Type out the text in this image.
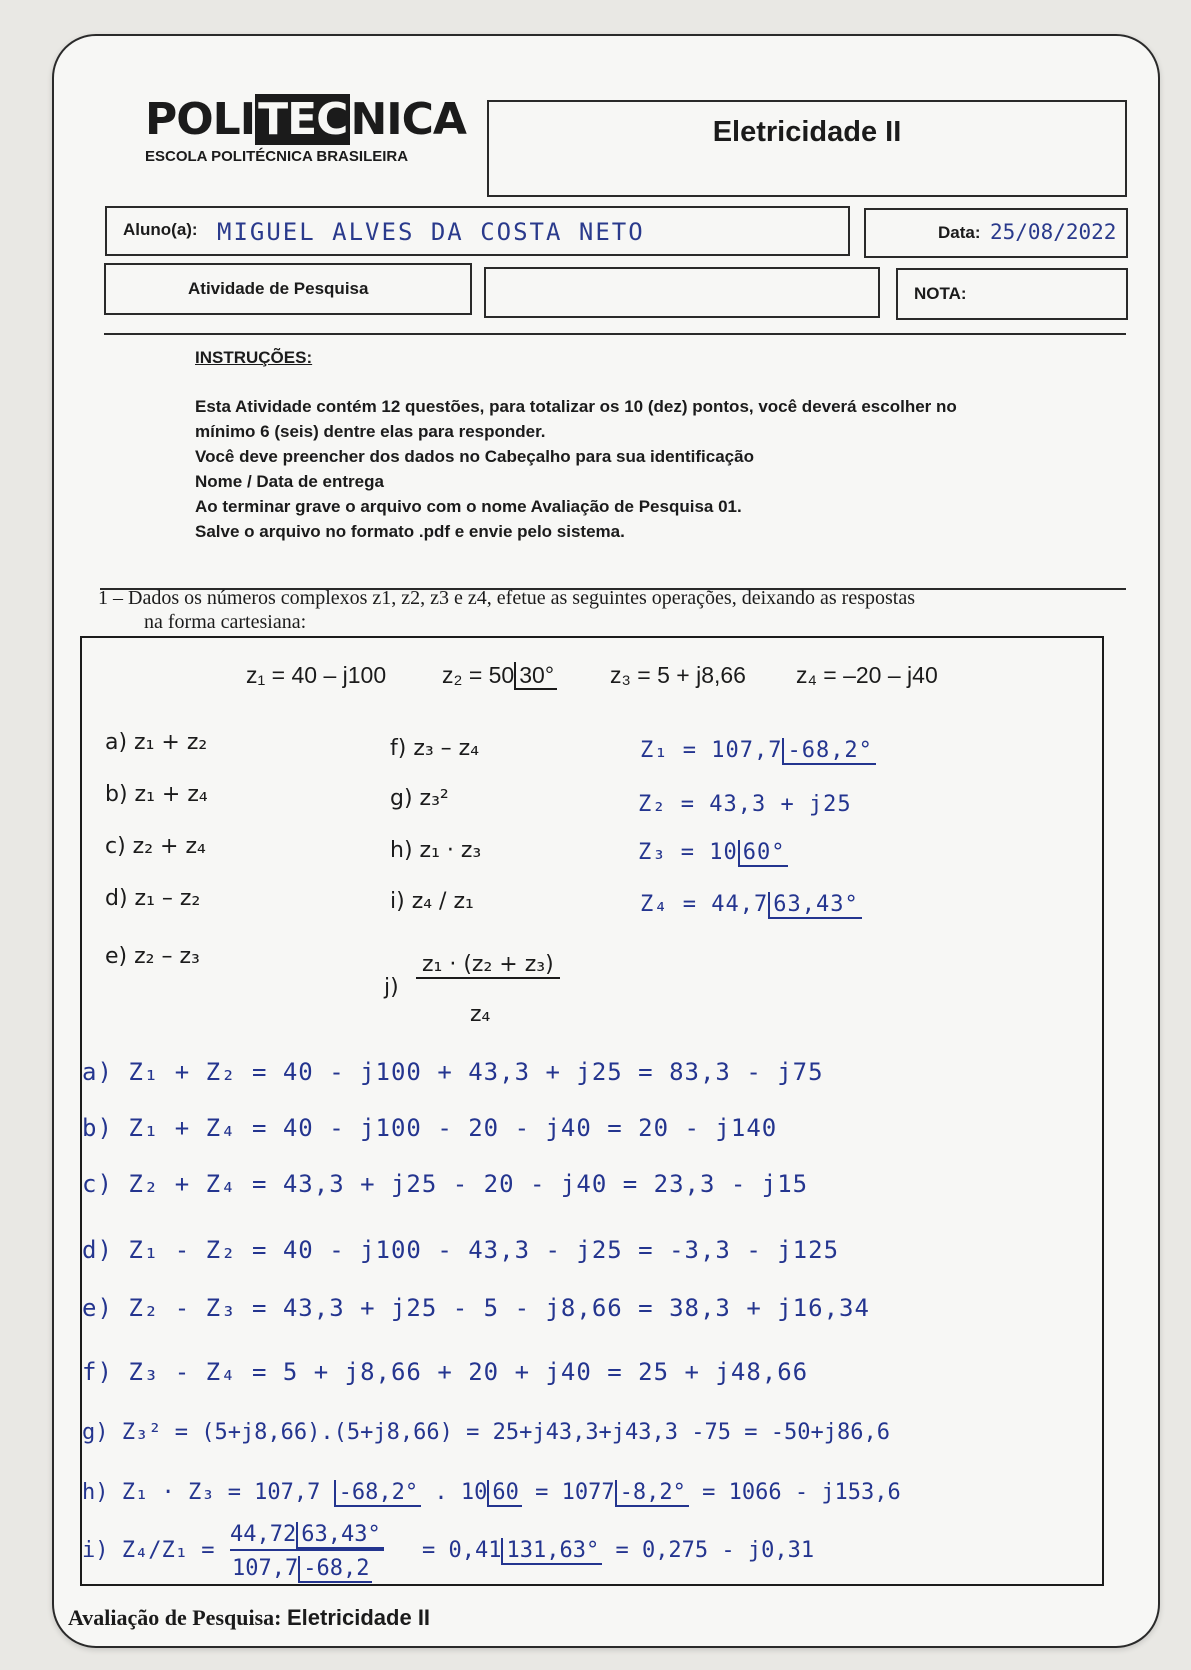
POLITECNICA
ESCOLA POLITÉCNICA BRASILEIRA
Eletricidade II
Aluno(a): MIGUEL ALVES DA COSTA NETO	Data: 25/08/2022
Atividade de Pesquisa	NOTA:
INSTRUÇÕES:
Esta Atividade contém 12 questões, para totalizar os 10 (dez) pontos, você deverá escolher no
mínimo 6 (seis) dentre elas para responder.
Você deve preencher dos dados no Cabeçalho para sua identificação
Nome / Data de entrega
Ao terminar grave o arquivo com o nome Avaliação de Pesquisa 01.
Salve o arquivo no formato .pdf e envie pelo sistema.
1 – Dados os números complexos z1, z2, z3 e z4, efetue as seguintes operações, deixando as respostas
na forma cartesiana:
z₁ = 40 – j100 z₂ = 50 30° z₃ = 5 + j8,66 z₄ = –20 – j40
a) z₁ + z₂
b) z₁ + z₄
c) z₂ + z₄
d) z₁ – z₂
e) z₂ – z₃
f) z₃ – z₄
g) z₃²
h) z₁ · z₃
i) z₄ / z₁
j)
z₁ · (z₂ + z₃)
z₄
Z₁ = 107,7 -68,2°
Z₂ = 43,3 + j25
Z₃ = 10 60°
Z₄ = 44,7 63,43°
a) Z₁ + Z₂ = 40 - j100 + 43,3 + j25 = 83,3 - j75
b) Z₁ + Z₄ = 40 - j100 - 20 - j40 = 20 - j140
c) Z₂ + Z₄ = 43,3 + j25 - 20 - j40 = 23,3 - j15
d) Z₁ - Z₂ = 40 - j100 - 43,3 - j25 = -3,3 - j125
e) Z₂ - Z₃ = 43,3 + j25 - 5 - j8,66 = 38,3 + j16,34
f) Z₃ - Z₄ = 5 + j8,66 + 20 + j40 = 25 + j48,66
g) Z₃² = (5+j8,66).(5+j8,66) = 25+j43,3+j43,3 -75 = -50+j86,6
h) Z₁ · Z₃ = 107,7 -68,2° . 10 60 = 1077 -8,2° = 1066 - j153,6
i) Z₄/Z₁ =
44,72 63,43°
107,7 -68,2
= 0,41 131,63° = 0,275 - j0,31
Avaliação de Pesquisa: Eletricidade II
